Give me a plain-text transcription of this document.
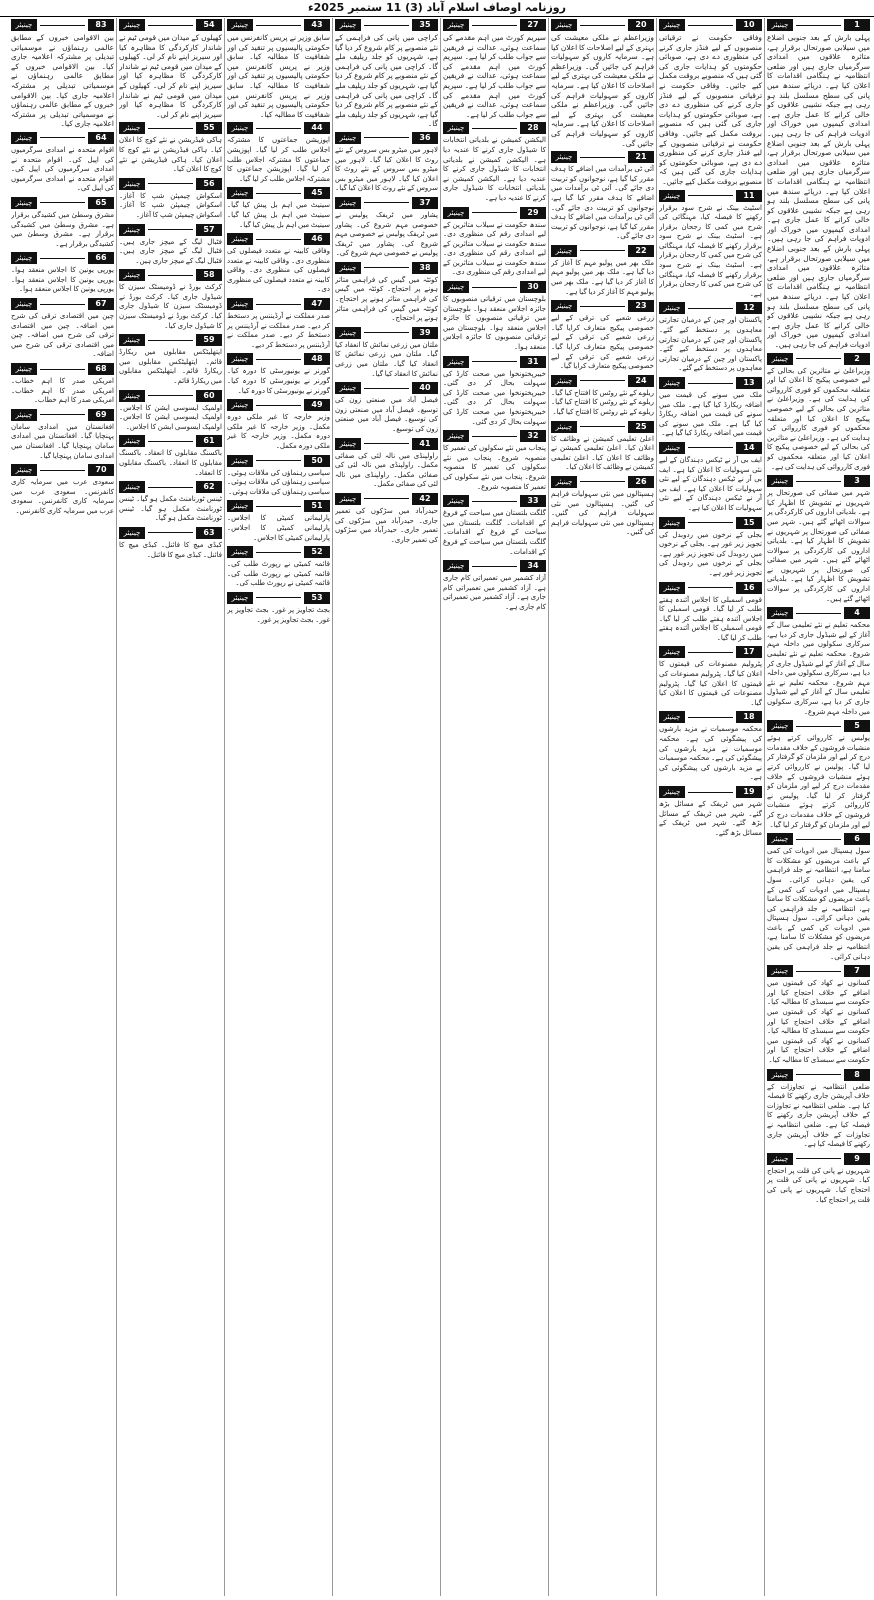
روزنامہ اوصاف اسلام آباد (3) 11 ستمبر 2025ء
چینیئر	1
پہلی بارش کے بعد جنوبی اضلاع میں سیلابی صورتحال برقرار ہے، متاثرہ علاقوں میں امدادی سرگرمیاں جاری ہیں اور ضلعی انتظامیہ نے ہنگامی اقدامات کا اعلان کیا ہے۔ دریائے سندھ میں پانی کی سطح مسلسل بلند ہو رہی ہے جبکہ نشیبی علاقوں کو خالی کرانے کا عمل جاری ہے۔ امدادی کیمپوں میں خوراک اور ادویات فراہم کی جا رہی ہیں۔ پہلی بارش کے بعد جنوبی اضلاع میں سیلابی صورتحال برقرار ہے، متاثرہ علاقوں میں امدادی سرگرمیاں جاری ہیں اور ضلعی انتظامیہ نے ہنگامی اقدامات کا اعلان کیا ہے۔ دریائے سندھ میں پانی کی سطح مسلسل بلند ہو رہی ہے جبکہ نشیبی علاقوں کو خالی کرانے کا عمل جاری ہے۔ امدادی کیمپوں میں خوراک اور ادویات فراہم کی جا رہی ہیں۔ پہلی بارش کے بعد جنوبی اضلاع میں سیلابی صورتحال برقرار ہے، متاثرہ علاقوں میں امدادی سرگرمیاں جاری ہیں اور ضلعی انتظامیہ نے ہنگامی اقدامات کا اعلان کیا ہے۔ دریائے سندھ میں پانی کی سطح مسلسل بلند ہو رہی ہے جبکہ نشیبی علاقوں کو خالی کرانے کا عمل جاری ہے۔ امدادی کیمپوں میں خوراک اور ادویات فراہم کی جا رہی ہیں۔
چینیئر	2
وزیراعلیٰ نے متاثرین کی بحالی کے لیے خصوصی پیکیج کا اعلان کیا اور متعلقہ محکموں کو فوری کارروائی کی ہدایت کی ہے۔ وزیراعلیٰ نے متاثرین کی بحالی کے لیے خصوصی پیکیج کا اعلان کیا اور متعلقہ محکموں کو فوری کارروائی کی ہدایت کی ہے۔ وزیراعلیٰ نے متاثرین کی بحالی کے لیے خصوصی پیکیج کا اعلان کیا اور متعلقہ محکموں کو فوری کارروائی کی ہدایت کی ہے۔
چینیئر	3
شہر میں صفائی کی صورتحال پر شہریوں نے تشویش کا اظہار کیا ہے۔ بلدیاتی اداروں کی کارکردگی پر سوالات اٹھائے گئے ہیں۔ شہر میں صفائی کی صورتحال پر شہریوں نے تشویش کا اظہار کیا ہے۔ بلدیاتی اداروں کی کارکردگی پر سوالات اٹھائے گئے ہیں۔ شہر میں صفائی کی صورتحال پر شہریوں نے تشویش کا اظہار کیا ہے۔ بلدیاتی اداروں کی کارکردگی پر سوالات اٹھائے گئے ہیں۔
چینیئر	4
محکمہ تعلیم نے نئے تعلیمی سال کے آغاز کے لیے شیڈول جاری کر دیا ہے، سرکاری سکولوں میں داخلہ مہم شروع۔ محکمہ تعلیم نے نئے تعلیمی سال کے آغاز کے لیے شیڈول جاری کر دیا ہے، سرکاری سکولوں میں داخلہ مہم شروع۔ محکمہ تعلیم نے نئے تعلیمی سال کے آغاز کے لیے شیڈول جاری کر دیا ہے، سرکاری سکولوں میں داخلہ مہم شروع۔
چینیئر	5
پولیس نے کارروائی کرتے ہوئے منشیات فروشوں کے خلاف مقدمات درج کر لیے اور ملزمان کو گرفتار کر لیا گیا۔ پولیس نے کارروائی کرتے ہوئے منشیات فروشوں کے خلاف مقدمات درج کر لیے اور ملزمان کو گرفتار کر لیا گیا۔ پولیس نے کارروائی کرتے ہوئے منشیات فروشوں کے خلاف مقدمات درج کر لیے اور ملزمان کو گرفتار کر لیا گیا۔
چینیئر	6
سول ہسپتال میں ادویات کی کمی کے باعث مریضوں کو مشکلات کا سامنا ہے، انتظامیہ نے جلد فراہمی کی یقین دہانی کرائی۔ سول ہسپتال میں ادویات کی کمی کے باعث مریضوں کو مشکلات کا سامنا ہے، انتظامیہ نے جلد فراہمی کی یقین دہانی کرائی۔ سول ہسپتال میں ادویات کی کمی کے باعث مریضوں کو مشکلات کا سامنا ہے، انتظامیہ نے جلد فراہمی کی یقین دہانی کرائی۔
چینیئر	7
کسانوں نے کھاد کی قیمتوں میں اضافے کے خلاف احتجاج کیا اور حکومت سے سبسڈی کا مطالبہ کیا۔ کسانوں نے کھاد کی قیمتوں میں اضافے کے خلاف احتجاج کیا اور حکومت سے سبسڈی کا مطالبہ کیا۔ کسانوں نے کھاد کی قیمتوں میں اضافے کے خلاف احتجاج کیا اور حکومت سے سبسڈی کا مطالبہ کیا۔
چینیئر	8
ضلعی انتظامیہ نے تجاوزات کے خلاف آپریشن جاری رکھنے کا فیصلہ کیا ہے۔ ضلعی انتظامیہ نے تجاوزات کے خلاف آپریشن جاری رکھنے کا فیصلہ کیا ہے۔ ضلعی انتظامیہ نے تجاوزات کے خلاف آپریشن جاری رکھنے کا فیصلہ کیا ہے۔
چینیئر	9
شہریوں نے پانی کی قلت پر احتجاج کیا۔ شہریوں نے پانی کی قلت پر احتجاج کیا۔ شہریوں نے پانی کی قلت پر احتجاج کیا۔
چینیئر	10
وفاقی حکومت نے ترقیاتی منصوبوں کے لیے فنڈز جاری کرنے کی منظوری دے دی ہے، صوبائی حکومتوں کو ہدایات جاری کی گئی ہیں کہ منصوبے بروقت مکمل کیے جائیں۔ وفاقی حکومت نے ترقیاتی منصوبوں کے لیے فنڈز جاری کرنے کی منظوری دے دی ہے، صوبائی حکومتوں کو ہدایات جاری کی گئی ہیں کہ منصوبے بروقت مکمل کیے جائیں۔ وفاقی حکومت نے ترقیاتی منصوبوں کے لیے فنڈز جاری کرنے کی منظوری دے دی ہے، صوبائی حکومتوں کو ہدایات جاری کی گئی ہیں کہ منصوبے بروقت مکمل کیے جائیں۔
چینیئر	11
اسٹیٹ بینک نے شرح سود برقرار رکھنے کا فیصلہ کیا، مہنگائی کی شرح میں کمی کا رجحان برقرار ہے۔ اسٹیٹ بینک نے شرح سود برقرار رکھنے کا فیصلہ کیا، مہنگائی کی شرح میں کمی کا رجحان برقرار ہے۔ اسٹیٹ بینک نے شرح سود برقرار رکھنے کا فیصلہ کیا، مہنگائی کی شرح میں کمی کا رجحان برقرار ہے۔
چینیئر	12
پاکستان اور چین کے درمیان تجارتی معاہدوں پر دستخط کیے گئے۔ پاکستان اور چین کے درمیان تجارتی معاہدوں پر دستخط کیے گئے۔ پاکستان اور چین کے درمیان تجارتی معاہدوں پر دستخط کیے گئے۔
چینیئر	13
ملک میں سونے کی قیمت میں اضافہ ریکارڈ کیا گیا ہے۔ ملک میں سونے کی قیمت میں اضافہ ریکارڈ کیا گیا ہے۔ ملک میں سونے کی قیمت میں اضافہ ریکارڈ کیا گیا ہے۔
چینیئر	14
ایف بی آر نے ٹیکس دہندگان کے لیے نئی سہولیات کا اعلان کیا ہے۔ ایف بی آر نے ٹیکس دہندگان کے لیے نئی سہولیات کا اعلان کیا ہے۔ ایف بی آر نے ٹیکس دہندگان کے لیے نئی سہولیات کا اعلان کیا ہے۔
چینیئر	15
بجلی کے نرخوں میں ردوبدل کی تجویز زیر غور ہے۔ بجلی کے نرخوں میں ردوبدل کی تجویز زیر غور ہے۔ بجلی کے نرخوں میں ردوبدل کی تجویز زیر غور ہے۔
چینیئر	16
قومی اسمبلی کا اجلاس آئندہ ہفتے طلب کر لیا گیا۔ قومی اسمبلی کا اجلاس آئندہ ہفتے طلب کر لیا گیا۔ قومی اسمبلی کا اجلاس آئندہ ہفتے طلب کر لیا گیا۔
چینیئر	17
پٹرولیم مصنوعات کی قیمتوں کا اعلان کیا گیا۔ پٹرولیم مصنوعات کی قیمتوں کا اعلان کیا گیا۔ پٹرولیم مصنوعات کی قیمتوں کا اعلان کیا گیا۔
چینیئر	18
محکمہ موسمیات نے مزید بارشوں کی پیشگوئی کی ہے۔ محکمہ موسمیات نے مزید بارشوں کی پیشگوئی کی ہے۔ محکمہ موسمیات نے مزید بارشوں کی پیشگوئی کی ہے۔
چینیئر	19
شہر میں ٹریفک کے مسائل بڑھ گئے۔ شہر میں ٹریفک کے مسائل بڑھ گئے۔ شہر میں ٹریفک کے مسائل بڑھ گئے۔
چینیئر	20
وزیراعظم نے ملکی معیشت کی بہتری کے لیے اصلاحات کا اعلان کیا ہے۔ سرمایہ کاروں کو سہولیات فراہم کی جائیں گی۔ وزیراعظم نے ملکی معیشت کی بہتری کے لیے اصلاحات کا اعلان کیا ہے۔ سرمایہ کاروں کو سہولیات فراہم کی جائیں گی۔ وزیراعظم نے ملکی معیشت کی بہتری کے لیے اصلاحات کا اعلان کیا ہے۔ سرمایہ کاروں کو سہولیات فراہم کی جائیں گی۔
چینیئر	21
آئی ٹی برآمدات میں اضافے کا ہدف مقرر کیا گیا ہے، نوجوانوں کو تربیت دی جائے گی۔ آئی ٹی برآمدات میں اضافے کا ہدف مقرر کیا گیا ہے، نوجوانوں کو تربیت دی جائے گی۔ آئی ٹی برآمدات میں اضافے کا ہدف مقرر کیا گیا ہے، نوجوانوں کو تربیت دی جائے گی۔
چینیئر	22
ملک بھر میں پولیو مہم کا آغاز کر دیا گیا ہے۔ ملک بھر میں پولیو مہم کا آغاز کر دیا گیا ہے۔ ملک بھر میں پولیو مہم کا آغاز کر دیا گیا ہے۔
چینیئر	23
زرعی شعبے کی ترقی کے لیے خصوصی پیکیج متعارف کرایا گیا۔ زرعی شعبے کی ترقی کے لیے خصوصی پیکیج متعارف کرایا گیا۔ زرعی شعبے کی ترقی کے لیے خصوصی پیکیج متعارف کرایا گیا۔
چینیئر	24
ریلوے کے نئے روٹس کا افتتاح کیا گیا۔ ریلوے کے نئے روٹس کا افتتاح کیا گیا۔ ریلوے کے نئے روٹس کا افتتاح کیا گیا۔
چینیئر	25
اعلیٰ تعلیمی کمیشن نے وظائف کا اعلان کیا۔ اعلیٰ تعلیمی کمیشن نے وظائف کا اعلان کیا۔ اعلیٰ تعلیمی کمیشن نے وظائف کا اعلان کیا۔
چینیئر	26
ہسپتالوں میں نئی سہولیات فراہم کی گئیں۔ ہسپتالوں میں نئی سہولیات فراہم کی گئیں۔ ہسپتالوں میں نئی سہولیات فراہم کی گئیں۔
چینیئر	27
سپریم کورٹ میں اہم مقدمے کی سماعت ہوئی، عدالت نے فریقین سے جواب طلب کر لیا ہے۔ سپریم کورٹ میں اہم مقدمے کی سماعت ہوئی، عدالت نے فریقین سے جواب طلب کر لیا ہے۔ سپریم کورٹ میں اہم مقدمے کی سماعت ہوئی، عدالت نے فریقین سے جواب طلب کر لیا ہے۔
چینیئر	28
الیکشن کمیشن نے بلدیاتی انتخابات کا شیڈول جاری کرنے کا عندیہ دیا ہے۔ الیکشن کمیشن نے بلدیاتی انتخابات کا شیڈول جاری کرنے کا عندیہ دیا ہے۔ الیکشن کمیشن نے بلدیاتی انتخابات کا شیڈول جاری کرنے کا عندیہ دیا ہے۔
چینیئر	29
سندھ حکومت نے سیلاب متاثرین کے لیے امدادی رقم کی منظوری دی۔ سندھ حکومت نے سیلاب متاثرین کے لیے امدادی رقم کی منظوری دی۔ سندھ حکومت نے سیلاب متاثرین کے لیے امدادی رقم کی منظوری دی۔
چینیئر	30
بلوچستان میں ترقیاتی منصوبوں کا جائزہ اجلاس منعقد ہوا۔ بلوچستان میں ترقیاتی منصوبوں کا جائزہ اجلاس منعقد ہوا۔ بلوچستان میں ترقیاتی منصوبوں کا جائزہ اجلاس منعقد ہوا۔
چینیئر	31
خیبرپختونخوا میں صحت کارڈ کی سہولت بحال کر دی گئی۔ خیبرپختونخوا میں صحت کارڈ کی سہولت بحال کر دی گئی۔ خیبرپختونخوا میں صحت کارڈ کی سہولت بحال کر دی گئی۔
چینیئر	32
پنجاب میں نئے سکولوں کی تعمیر کا منصوبہ شروع۔ پنجاب میں نئے سکولوں کی تعمیر کا منصوبہ شروع۔ پنجاب میں نئے سکولوں کی تعمیر کا منصوبہ شروع۔
چینیئر	33
گلگت بلتستان میں سیاحت کے فروغ کے اقدامات۔ گلگت بلتستان میں سیاحت کے فروغ کے اقدامات۔ گلگت بلتستان میں سیاحت کے فروغ کے اقدامات۔
چینیئر	34
آزاد کشمیر میں تعمیراتی کام جاری ہے۔ آزاد کشمیر میں تعمیراتی کام جاری ہے۔ آزاد کشمیر میں تعمیراتی کام جاری ہے۔
چینیئر	35
کراچی میں پانی کی فراہمی کے نئے منصوبے پر کام شروع کر دیا گیا ہے، شہریوں کو جلد ریلیف ملے گا۔ کراچی میں پانی کی فراہمی کے نئے منصوبے پر کام شروع کر دیا گیا ہے، شہریوں کو جلد ریلیف ملے گا۔ کراچی میں پانی کی فراہمی کے نئے منصوبے پر کام شروع کر دیا گیا ہے، شہریوں کو جلد ریلیف ملے گا۔
چینیئر	36
لاہور میں میٹرو بس سروس کے نئے روٹ کا اعلان کیا گیا۔ لاہور میں میٹرو بس سروس کے نئے روٹ کا اعلان کیا گیا۔ لاہور میں میٹرو بس سروس کے نئے روٹ کا اعلان کیا گیا۔
چینیئر	37
پشاور میں ٹریفک پولیس نے خصوصی مہم شروع کی۔ پشاور میں ٹریفک پولیس نے خصوصی مہم شروع کی۔ پشاور میں ٹریفک پولیس نے خصوصی مہم شروع کی۔
چینیئر	38
کوئٹہ میں گیس کی فراہمی متاثر ہونے پر احتجاج۔ کوئٹہ میں گیس کی فراہمی متاثر ہونے پر احتجاج۔ کوئٹہ میں گیس کی فراہمی متاثر ہونے پر احتجاج۔
چینیئر	39
ملتان میں زرعی نمائش کا انعقاد کیا گیا۔ ملتان میں زرعی نمائش کا انعقاد کیا گیا۔ ملتان میں زرعی نمائش کا انعقاد کیا گیا۔
چینیئر	40
فیصل آباد میں صنعتی زون کی توسیع۔ فیصل آباد میں صنعتی زون کی توسیع۔ فیصل آباد میں صنعتی زون کی توسیع۔
چینیئر	41
راولپنڈی میں نالہ لئی کی صفائی مکمل۔ راولپنڈی میں نالہ لئی کی صفائی مکمل۔ راولپنڈی میں نالہ لئی کی صفائی مکمل۔
چینیئر	42
حیدرآباد میں سڑکوں کی تعمیر جاری۔ حیدرآباد میں سڑکوں کی تعمیر جاری۔ حیدرآباد میں سڑکوں کی تعمیر جاری۔
چینیئر	43
سابق وزیر نے پریس کانفرنس میں حکومتی پالیسیوں پر تنقید کی اور شفافیت کا مطالبہ کیا۔ سابق وزیر نے پریس کانفرنس میں حکومتی پالیسیوں پر تنقید کی اور شفافیت کا مطالبہ کیا۔ سابق وزیر نے پریس کانفرنس میں حکومتی پالیسیوں پر تنقید کی اور شفافیت کا مطالبہ کیا۔
چینیئر	44
اپوزیشن جماعتوں کا مشترکہ اجلاس طلب کر لیا گیا۔ اپوزیشن جماعتوں کا مشترکہ اجلاس طلب کر لیا گیا۔ اپوزیشن جماعتوں کا مشترکہ اجلاس طلب کر لیا گیا۔
چینیئر	45
سینیٹ میں اہم بل پیش کیا گیا۔ سینیٹ میں اہم بل پیش کیا گیا۔ سینیٹ میں اہم بل پیش کیا گیا۔
چینیئر	46
وفاقی کابینہ نے متعدد فیصلوں کی منظوری دی۔ وفاقی کابینہ نے متعدد فیصلوں کی منظوری دی۔ وفاقی کابینہ نے متعدد فیصلوں کی منظوری دی۔
چینیئر	47
صدر مملکت نے آرڈیننس پر دستخط کر دیے۔ صدر مملکت نے آرڈیننس پر دستخط کر دیے۔ صدر مملکت نے آرڈیننس پر دستخط کر دیے۔
چینیئر	48
گورنر نے یونیورسٹی کا دورہ کیا۔ گورنر نے یونیورسٹی کا دورہ کیا۔ گورنر نے یونیورسٹی کا دورہ کیا۔
چینیئر	49
وزیر خارجہ کا غیر ملکی دورہ مکمل۔ وزیر خارجہ کا غیر ملکی دورہ مکمل۔ وزیر خارجہ کا غیر ملکی دورہ مکمل۔
چینیئر	50
سیاسی رہنماؤں کی ملاقات ہوئی۔ سیاسی رہنماؤں کی ملاقات ہوئی۔ سیاسی رہنماؤں کی ملاقات ہوئی۔
چینیئر	51
پارلیمانی کمیٹی کا اجلاس۔ پارلیمانی کمیٹی کا اجلاس۔ پارلیمانی کمیٹی کا اجلاس۔
چینیئر	52
قائمہ کمیٹی نے رپورٹ طلب کی۔ قائمہ کمیٹی نے رپورٹ طلب کی۔ قائمہ کمیٹی نے رپورٹ طلب کی۔
چینیئر	53
بجٹ تجاویز پر غور۔ بجٹ تجاویز پر غور۔ بجٹ تجاویز پر غور۔
چینیئر	54
کھیلوں کے میدان میں قومی ٹیم نے شاندار کارکردگی کا مظاہرہ کیا اور سیریز اپنے نام کر لی۔ کھیلوں کے میدان میں قومی ٹیم نے شاندار کارکردگی کا مظاہرہ کیا اور سیریز اپنے نام کر لی۔ کھیلوں کے میدان میں قومی ٹیم نے شاندار کارکردگی کا مظاہرہ کیا اور سیریز اپنے نام کر لی۔
چینیئر	55
ہاکی فیڈریشن نے نئے کوچ کا اعلان کیا۔ ہاکی فیڈریشن نے نئے کوچ کا اعلان کیا۔ ہاکی فیڈریشن نے نئے کوچ کا اعلان کیا۔
چینیئر	56
اسکواش چیمپئن شپ کا آغاز۔ اسکواش چیمپئن شپ کا آغاز۔ اسکواش چیمپئن شپ کا آغاز۔
چینیئر	57
فٹبال لیگ کے میچز جاری ہیں۔ فٹبال لیگ کے میچز جاری ہیں۔ فٹبال لیگ کے میچز جاری ہیں۔
چینیئر	58
کرکٹ بورڈ نے ڈومیسٹک سیزن کا شیڈول جاری کیا۔ کرکٹ بورڈ نے ڈومیسٹک سیزن کا شیڈول جاری کیا۔ کرکٹ بورڈ نے ڈومیسٹک سیزن کا شیڈول جاری کیا۔
چینیئر	59
ایتھلیٹکس مقابلوں میں ریکارڈ قائم۔ ایتھلیٹکس مقابلوں میں ریکارڈ قائم۔ ایتھلیٹکس مقابلوں میں ریکارڈ قائم۔
چینیئر	60
اولمپک ایسوسی ایشن کا اجلاس۔ اولمپک ایسوسی ایشن کا اجلاس۔ اولمپک ایسوسی ایشن کا اجلاس۔
چینیئر	61
باکسنگ مقابلوں کا انعقاد۔ باکسنگ مقابلوں کا انعقاد۔ باکسنگ مقابلوں کا انعقاد۔
چینیئر	62
ٹینس ٹورنامنٹ مکمل ہو گیا۔ ٹینس ٹورنامنٹ مکمل ہو گیا۔ ٹینس ٹورنامنٹ مکمل ہو گیا۔
چینیئر	63
کبڈی میچ کا فائنل۔ کبڈی میچ کا فائنل۔ کبڈی میچ کا فائنل۔
چینیئر	83
بین الاقوامی خبروں کے مطابق عالمی رہنماؤں نے موسمیاتی تبدیلی پر مشترکہ اعلامیہ جاری کیا۔ بین الاقوامی خبروں کے مطابق عالمی رہنماؤں نے موسمیاتی تبدیلی پر مشترکہ اعلامیہ جاری کیا۔ بین الاقوامی خبروں کے مطابق عالمی رہنماؤں نے موسمیاتی تبدیلی پر مشترکہ اعلامیہ جاری کیا۔
چینیئر	64
اقوام متحدہ نے امدادی سرگرمیوں کی اپیل کی۔ اقوام متحدہ نے امدادی سرگرمیوں کی اپیل کی۔ اقوام متحدہ نے امدادی سرگرمیوں کی اپیل کی۔
چینیئر	65
مشرق وسطیٰ میں کشیدگی برقرار ہے۔ مشرق وسطیٰ میں کشیدگی برقرار ہے۔ مشرق وسطیٰ میں کشیدگی برقرار ہے۔
چینیئر	66
یورپی یونین کا اجلاس منعقد ہوا۔ یورپی یونین کا اجلاس منعقد ہوا۔ یورپی یونین کا اجلاس منعقد ہوا۔
چینیئر	67
چین میں اقتصادی ترقی کی شرح میں اضافہ۔ چین میں اقتصادی ترقی کی شرح میں اضافہ۔ چین میں اقتصادی ترقی کی شرح میں اضافہ۔
چینیئر	68
امریکی صدر کا اہم خطاب۔ امریکی صدر کا اہم خطاب۔ امریکی صدر کا اہم خطاب۔
چینیئر	69
افغانستان میں امدادی سامان پہنچایا گیا۔ افغانستان میں امدادی سامان پہنچایا گیا۔ افغانستان میں امدادی سامان پہنچایا گیا۔
چینیئر	70
سعودی عرب میں سرمایہ کاری کانفرنس۔ سعودی عرب میں سرمایہ کاری کانفرنس۔ سعودی عرب میں سرمایہ کاری کانفرنس۔
